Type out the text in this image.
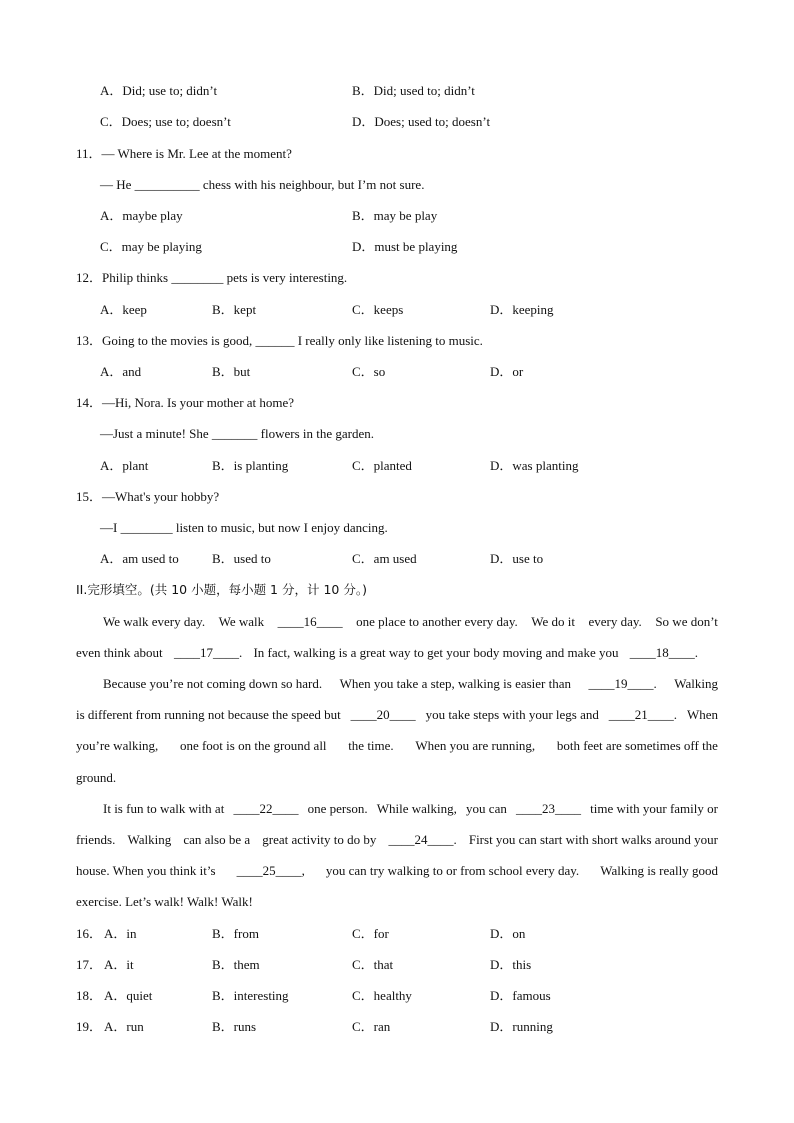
A．Did; use to; didn’t	B．Did; used to; didn’t
C．Does; use to; doesn’t	D．Does; used to; doesn’t
11．— Where is Mr. Lee at the moment?
— He __________ chess with his neighbour, but I’m not sure.
A．maybe play	B．may be play
C．may be playing	D．must be playing
12．Philip thinks ________ pets is very interesting.
A．keep	B．kept	C．keeps	D．keeping
13．Going to the movies is good, ______ I really only like listening to music.
A．and	B．but	C．so	D．or
14．—Hi, Nora. Is your mother at home?
—Just a minute! She _______ flowers in the garden.
A．plant	B．is planting	C．planted	D．was planting
15．—What's your hobby?
—I ________ listen to music, but now I enjoy dancing.
A．am used to	B．used to	C．am used	D．use to
II.完形填空。(共 10 小题，每小题 1 分，计 10 分。)
We walk every day. We walk ____16____ one place to another every day. We do it every day. So we don’t
even think about ____17____. In fact, walking is a great way to get your body moving and make you ____18____.
Because you’re not coming down so hard. When you take a step, walking is easier than ____19____. Walking
is different from running not because the speed but ____20____ you take steps with your legs and ____21____. When
you’re walking, one foot is on the ground all the time. When you are running, both feet are sometimes off the
ground.
It is fun to walk with at ____22____ one person. While walking, you can ____23____ time with your family or
friends. Walking can also be a great activity to do by ____24____. First you can start with short walks around your
house. When you think it’s ____25____, you can try walking to or from school every day. Walking is really good
exercise. Let’s walk! Walk! Walk!
16． A．in	B．from	C．for	D．on
17． A．it	B．them	C．that	D．this
18． A．quiet	B．interesting	C．healthy	D．famous
19． A．run	B．runs	C．ran	D．running
